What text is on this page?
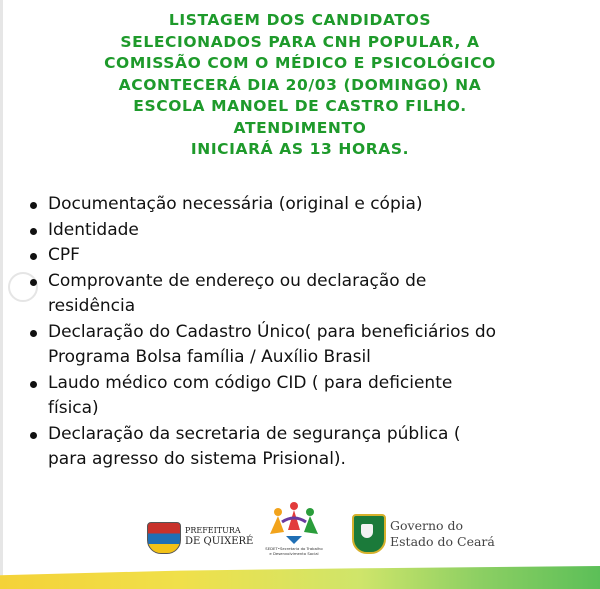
LISTAGEM DOS CANDIDATOS
SELECIONADOS PARA CNH POPULAR, A
COMISSÃO COM O MÉDICO E PSICOLÓGICO
ACONTECERÁ DIA 20/03 (DOMINGO) NA
ESCOLA MANOEL DE CASTRO FILHO.
ATENDIMENTO
INICIARÁ AS 13 HORAS.
Documentação necessária (original e cópia)
Identidade
CPF
Comprovante de endereço ou declaração de
residência
Declaração do Cadastro Único( para beneficiários do
Programa Bolsa família / Auxílio Brasil
Laudo médico com código CID ( para deficiente
física)
Declaração da secretaria de segurança pública (
para agresso do sistema Prisional).
PREFEITURA
DE QUIXERÉ
SEDET•Secretaria do Trabalho
e Desenvolvimento Social
Governo do
Estado do Ceará
